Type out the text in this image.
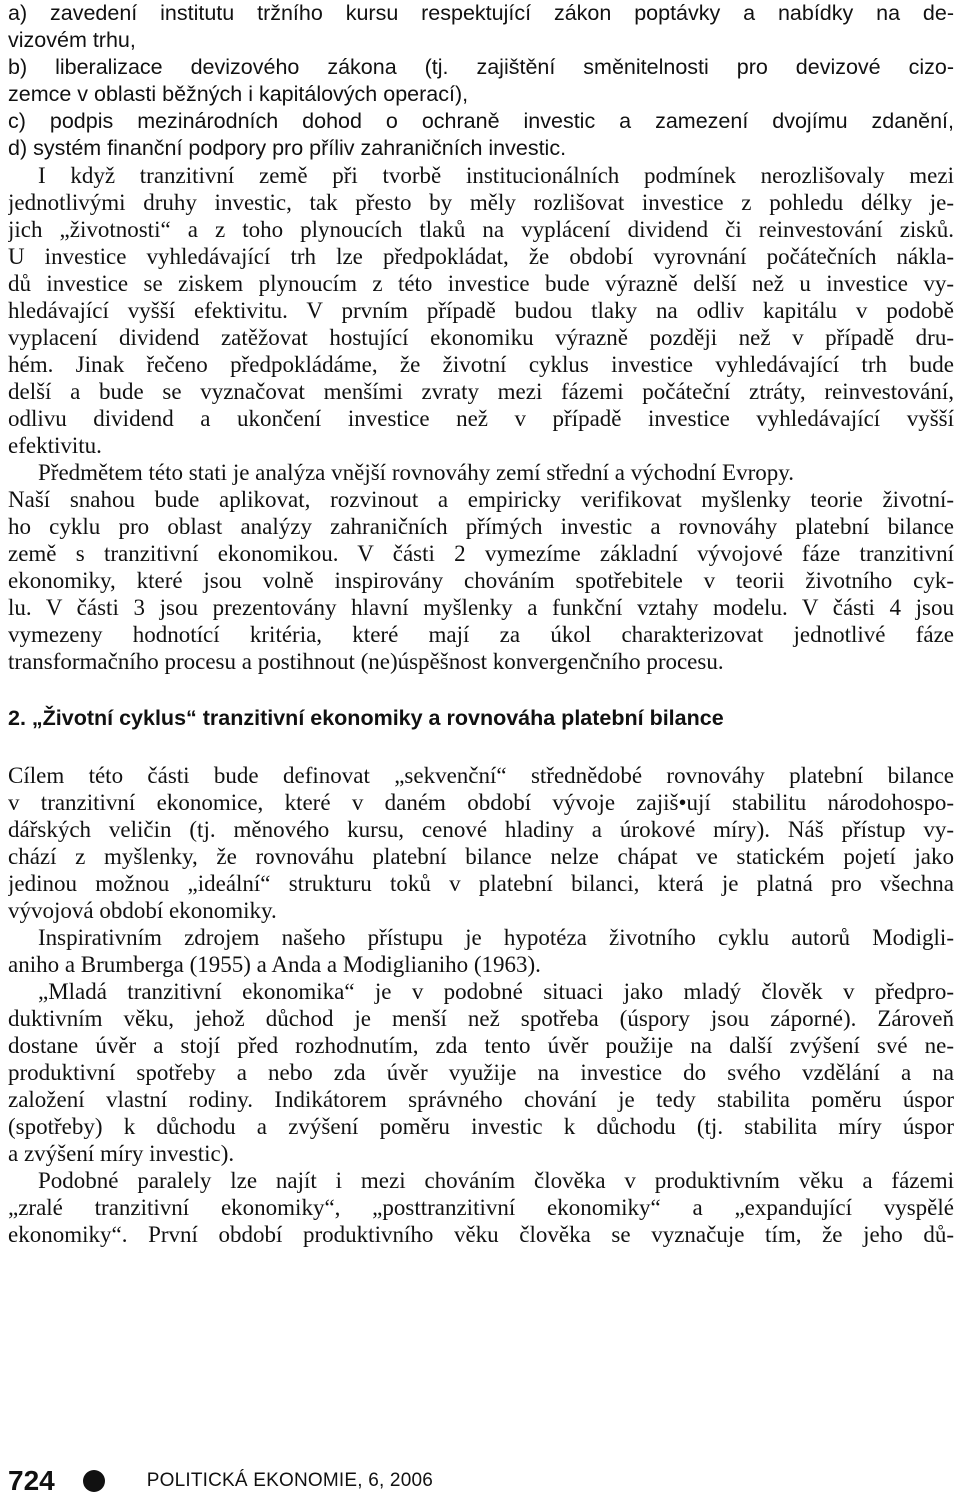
a) zavedení institutu tržního kursu respektující zákon poptávky a nabídky na de-
vizovém trhu,
b) liberalizace devizového zákona (tj. zajištění směnitelnosti pro devizové cizo-
zemce v oblasti běžných i kapitálových operací),
c) podpis mezinárodních dohod o ochraně investic a zamezení dvojímu zdanění,
d) systém finanční podpory pro příliv zahraničních investic.
I když tranzitivní země při tvorbě institucionálních podmínek nerozlišovaly mezi
jednotlivými druhy investic, tak přesto by měly rozlišovat investice z pohledu délky je-
jich „životnosti“ a z toho plynoucích tlaků na vyplácení dividend či reinvestování zisků.
U investice vyhledávající trh lze předpokládat, že období vyrovnání počátečních nákla-
dů investice se ziskem plynoucím z této investice bude výrazně delší než u investice vy-
hledávající vyšší efektivitu. V prvním případě budou tlaky na odliv kapitálu v podobě
vyplacení dividend zatěžovat hostující ekonomiku výrazně později než v případě dru-
hém. Jinak řečeno předpokládáme, že životní cyklus investice vyhledávající trh bude
delší a bude se vyznačovat menšími zvraty mezi fázemi počáteční ztráty, reinvestování,
odlivu dividend a ukončení investice než v případě investice vyhledávající vyšší
efektivitu.
Předmětem této stati je analýza vnější rovnováhy zemí střední a východní Evropy.
Naší snahou bude aplikovat, rozvinout a empiricky verifikovat myšlenky teorie životní-
ho cyklu pro oblast analýzy zahraničních přímých investic a rovnováhy platební bilance
země s tranzitivní ekonomikou. V části 2 vymezíme základní vývojové fáze tranzitivní
ekonomiky, které jsou volně inspirovány chováním spotřebitele v teorii životního cyk-
lu. V části 3 jsou prezentovány hlavní myšlenky a funkční vztahy modelu. V části 4 jsou
vymezeny hodnotící kritéria, které mají za úkol charakterizovat jednotlivé fáze
transformačního procesu a postihnout (ne)úspěšnost konvergenčního procesu.
2. „Životní cyklus“ tranzitivní ekonomiky a rovnováha platební bilance
Cílem této části bude definovat „sekvenční“ střednědobé rovnováhy platební bilance
v tranzitivní ekonomice, které v daném období vývoje zajiš•ují stabilitu národohospo-
dářských veličin (tj. měnového kursu, cenové hladiny a úrokové míry). Náš přístup vy-
chází z myšlenky, že rovnováhu platební bilance nelze chápat ve statickém pojetí jako
jedinou možnou „ideální“ strukturu toků v platební bilanci, která je platná pro všechna
vývojová období ekonomiky.
Inspirativním zdrojem našeho přístupu je hypotéza životního cyklu autorů Modigli-
aniho a Brumberga (1955) a Anda a Modiglianiho (1963).
„Mladá tranzitivní ekonomika“ je v podobné situaci jako mladý člověk v předpro-
duktivním věku, jehož důchod je menší než spotřeba (úspory jsou záporné). Zároveň
dostane úvěr a stojí před rozhodnutím, zda tento úvěr použije na další zvýšení své ne-
produktivní spotřeby a nebo zda úvěr využije na investice do svého vzdělání a na
založení vlastní rodiny. Indikátorem správného chování je tedy stabilita poměru úspor
(spotřeby) k důchodu a zvýšení poměru investic k důchodu (tj. stabilita míry úspor
a zvýšení míry investic).
Podobné paralely lze najít i mezi chováním člověka v produktivním věku a fázemi
„zralé tranzitivní ekonomiky“, „posttranzitivní ekonomiky“ a „expandující vyspělé
ekonomiky“. První období produktivního věku člověka se vyznačuje tím, že jeho dů-
724	POLITICKÁ EKONOMIE, 6, 2006
